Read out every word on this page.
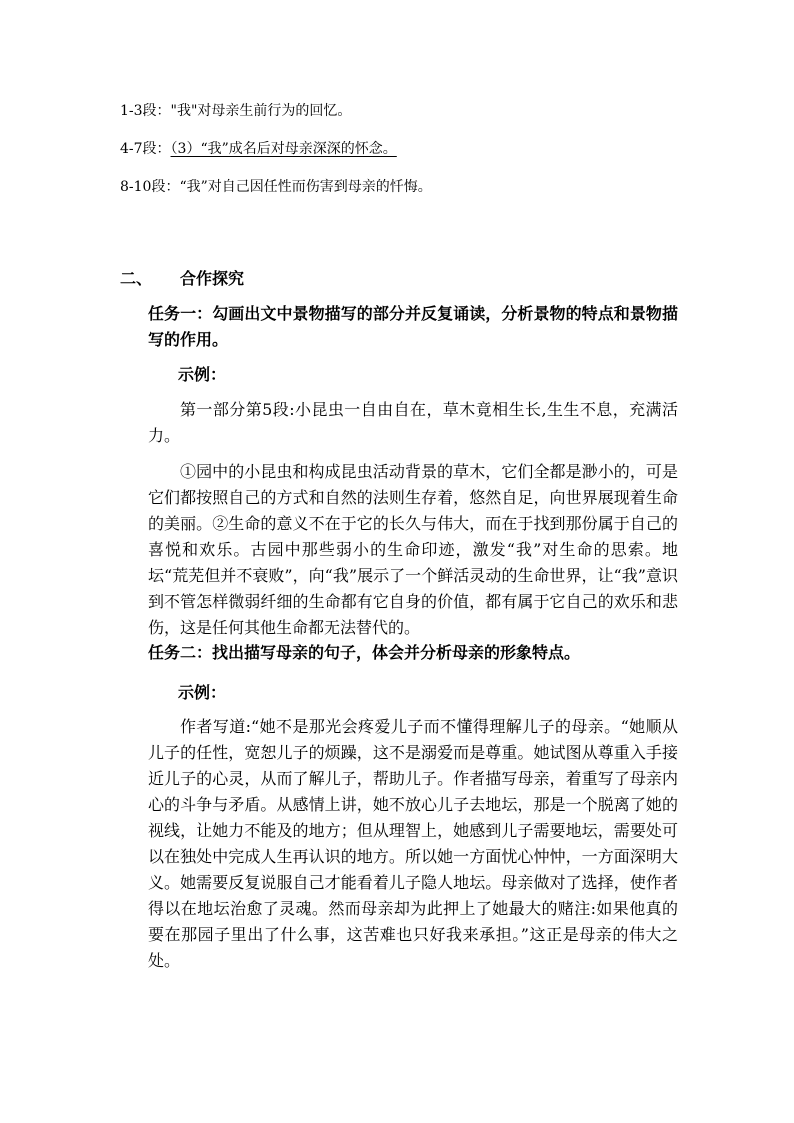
1-3段："我"对母亲生前行为的回忆。
4-7段：（3）“我”成名后对母亲深深的怀念。
8-10段：“我”对自己因任性而伤害到母亲的忏悔。
二、 合作探究
任务一：勾画出文中景物描写的部分并反复诵读，分析景物的特点和景物描写的作用。
示例：
第一部分第5段:小昆虫一自由自在，草木竟相生长,生生不息，充满活力。
①园中的小昆虫和构成昆虫活动背景的草木，它们全都是渺小的，可是它们都按照自己的方式和自然的法则生存着，悠然自足，向世界展现着生命的美丽。②生命的意义不在于它的长久与伟大，而在于找到那份属于自己的喜悦和欢乐。古园中那些弱小的生命印迹，激发“我”对生命的思索。地坛“荒芜但并不衰败”，向“我”展示了一个鲜活灵动的生命世界，让“我”意识到不管怎样微弱纤细的生命都有它自身的价值，都有属于它自己的欢乐和悲伤，这是任何其他生命都无法替代的。
任务二：找出描写母亲的句子，体会并分析母亲的形象特点。
示例：
作者写道:“她不是那光会疼爱儿子而不懂得理解儿子的母亲。“她顺从儿子的任性，宽恕儿子的烦躁，这不是溺爱而是尊重。她试图从尊重入手接近儿子的心灵，从而了解儿子，帮助儿子。作者描写母亲，着重写了母亲内心的斗争与矛盾。从感情上讲，她不放心儿子去地坛，那是一个脱离了她的视线，让她力不能及的地方；但从理智上，她感到儿子需要地坛，需要处可以在独处中完成人生再认识的地方。所以她一方面忧心忡忡，一方面深明大义。她需要反复说服自己才能看着儿子隐人地坛。母亲做对了选择，使作者得以在地坛治愈了灵魂。然而母亲却为此押上了她最大的赌注:如果他真的要在那园子里出了什么事，这苦难也只好我来承担。”这正是母亲的伟大之处。
